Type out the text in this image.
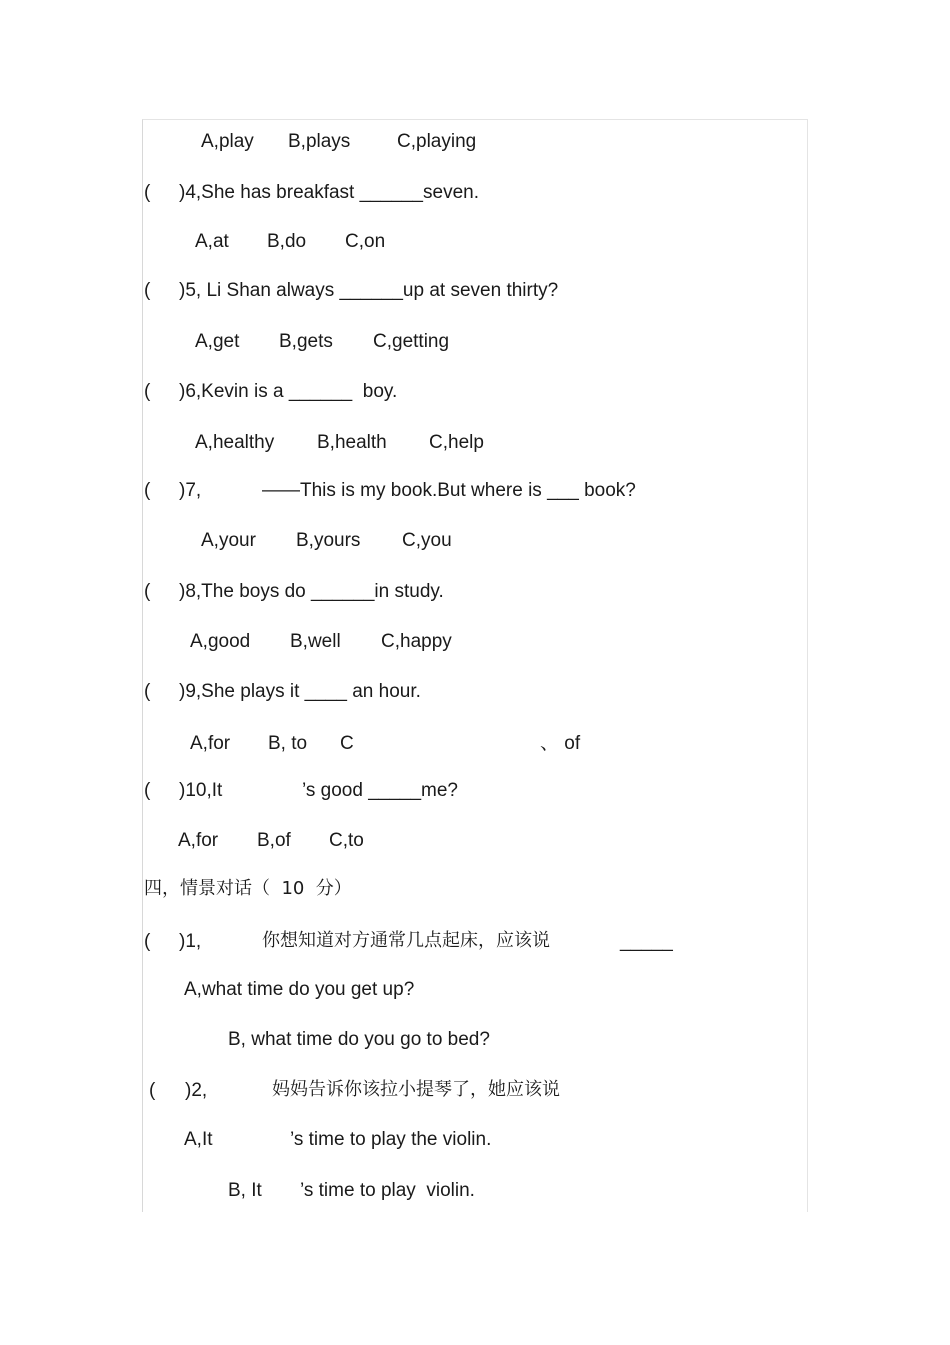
A,play B,plays C,playing
( )4,She has breakfast ______seven.
A,at B,do C,on
( )5, Li Shan always ______up at seven thirty?
A,get B,gets C,getting
( )6,Kevin is a ______  boy.
A,healthy B,health C,help
( )7,	——This is my book.But where is ___ book?
A,your B,yours C,you
( )8,The boys do ______in study.
A,good B,well C,happy
( )9,She plays it ____ an hour.
A,for B, to C	、 of
( )10,It	’s good _____me?
A,for B,of C,to
四，情景对话（  10  分）
( )1,	你想知道对方通常几点起床，应该说	_____
A,what time do you get up?
B, what time do you go to bed?
( )2,	妈妈告诉你该拉小提琴了，她应该说
A,It	’s time to play the violin.
B, It ’s time to play  violin.
